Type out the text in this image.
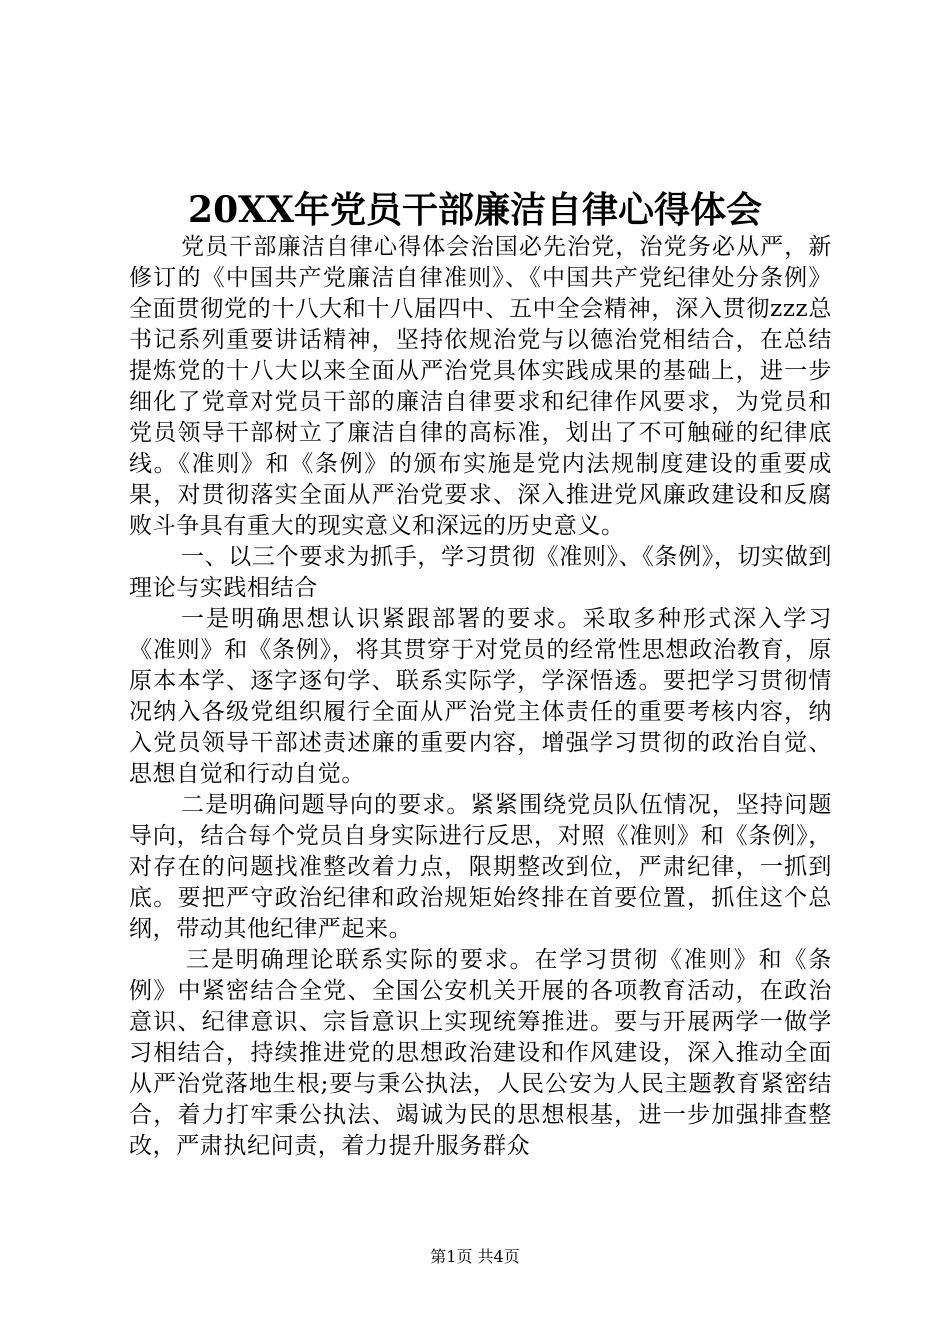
20XX年党员干部廉洁自律心得体会

党员干部廉洁自律心得体会治国必先治党，治党务必从严，新修订的《中国共产党廉洁自律准则》、《中国共产党纪律处分条例》全面贯彻党的十八大和十八届四中、五中全会精神，深入贯彻zzz总书记系列重要讲话精神，坚持依规治党与以德治党相结合，在总结提炼党的十八大以来全面从严治党具体实践成果的基础上，进一步细化了党章对党员干部的廉洁自律要求和纪律作风要求，为党员和党员领导干部树立了廉洁自律的高标准，划出了不可触碰的纪律底线。《准则》和《条例》的颁布实施是党内法规制度建设的重要成果，对贯彻落实全面从严治党要求、深入推进党风廉政建设和反腐败斗争具有重大的现实意义和深远的历史意义。

一、以三个要求为抓手，学习贯彻《准则》、《条例》，切实做到理论与实践相结合

一是明确思想认识紧跟部署的要求。采取多种形式深入学习《准则》和《条例》，将其贯穿于对党员的经常性思想政治教育，原原本本学、逐字逐句学、联系实际学，学深悟透。要把学习贯彻情况纳入各级党组织履行全面从严治党主体责任的重要考核内容，纳入党员领导干部述责述廉的重要内容，增强学习贯彻的政治自觉、思想自觉和行动自觉。

二是明确问题导向的要求。紧紧围绕党员队伍情况，坚持问题导向，结合每个党员自身实际进行反思，对照《准则》和《条例》，对存在的问题找准整改着力点，限期整改到位，严肃纪律，一抓到底。要把严守政治纪律和政治规矩始终排在首要位置，抓住这个总纲，带动其他纪律严起来。

三是明确理论联系实际的要求。在学习贯彻《准则》和《条例》中紧密结合全党、全国公安机关开展的各项教育活动，在政治意识、纪律意识、宗旨意识上实现统筹推进。要与开展两学一做学习相结合，持续推进党的思想政治建设和作风建设，深入推动全面从严治党落地生根;要与秉公执法，人民公安为人民主题教育紧密结合，着力打牢秉公执法、竭诚为民的思想根基，进一步加强排查整改，严肃执纪问责，着力提升服务群众

第1页 共4页
